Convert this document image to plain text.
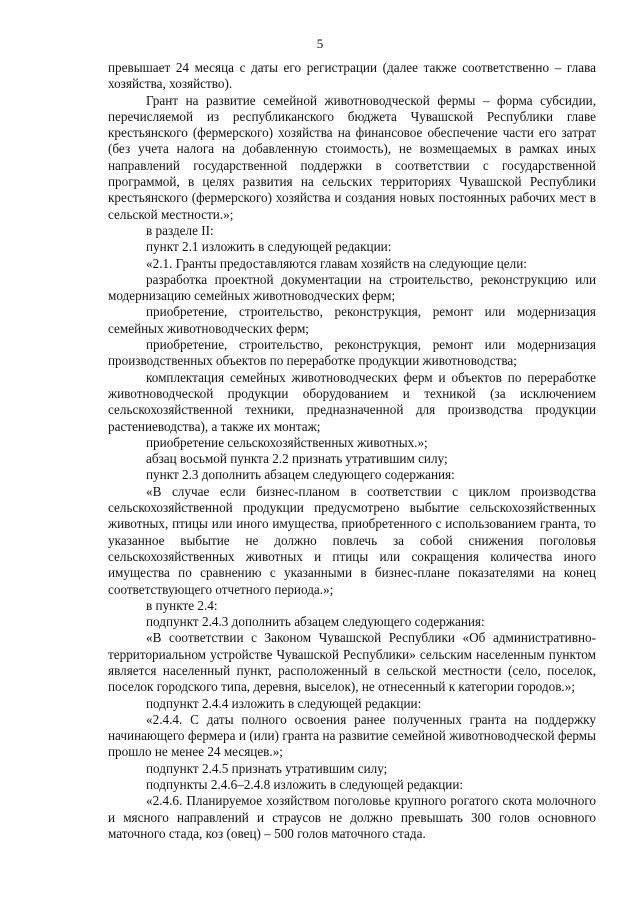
5

превышает 24 месяца с даты его регистрации (далее также соответственно – глава хозяйства, хозяйство).

Грант на развитие семейной животноводческой фермы – форма субсидии, перечисляемой из республиканского бюджета Чувашской Республики главе крестьянского (фермерского) хозяйства на финансовое обеспечение части его затрат (без учета налога на добавленную стоимость), не возмещаемых в рамках иных направлений государственной поддержки в соответствии с государственной программой, в целях развития на сельских территориях Чувашской Республики крестьянского (фермерского) хозяйства и создания новых постоянных рабочих мест в сельской местности.»;

в разделе II:

пункт 2.1 изложить в следующей редакции:

«2.1. Гранты предоставляются главам хозяйств на следующие цели:

разработка проектной документации на строительство, реконструкцию или модернизацию семейных животноводческих ферм;

приобретение, строительство, реконструкция, ремонт или модернизация семейных животноводческих ферм;

приобретение, строительство, реконструкция, ремонт или модернизация производственных объектов по переработке продукции животноводства;

комплектация семейных животноводческих ферм и объектов по переработке животноводческой продукции оборудованием и техникой (за исключением сельскохозяйственной техники, предназначенной для производства продукции растениеводства), а также их монтаж;

приобретение сельскохозяйственных животных.»;

абзац восьмой пункта 2.2 признать утратившим силу;

пункт 2.3 дополнить абзацем следующего содержания:

«В случае если бизнес-планом в соответствии с циклом производства сельскохозяйственной продукции предусмотрено выбытие сельскохозяйственных животных, птицы или иного имущества, приобретенного с использованием гранта, то указанное выбытие не должно повлечь за собой снижения поголовья сельскохозяйственных животных и птицы или сокращения количества иного имущества по сравнению с указанными в бизнес-плане показателями на конец соответствующего отчетного периода.»;

в пункте 2.4:

подпункт 2.4.3 дополнить абзацем следующего содержания:

«В соответствии с Законом Чувашской Республики «Об административно-территориальном устройстве Чувашской Республики» сельским населенным пунктом является населенный пункт, расположенный в сельской местности (село, поселок, поселок городского типа, деревня, выселок), не отнесенный к категории городов.»;

подпункт 2.4.4 изложить в следующей редакции:

«2.4.4. С даты полного освоения ранее полученных гранта на поддержку начинающего фермера и (или) гранта на развитие семейной животноводческой фермы прошло не менее 24 месяцев.»;

подпункт 2.4.5 признать утратившим силу;

подпункты 2.4.6–2.4.8 изложить в следующей редакции:

«2.4.6. Планируемое хозяйством поголовье крупного рогатого скота молочного и мясного направлений и страусов не должно превышать 300 голов основного маточного стада, коз (овец) – 500 голов маточного стада.
